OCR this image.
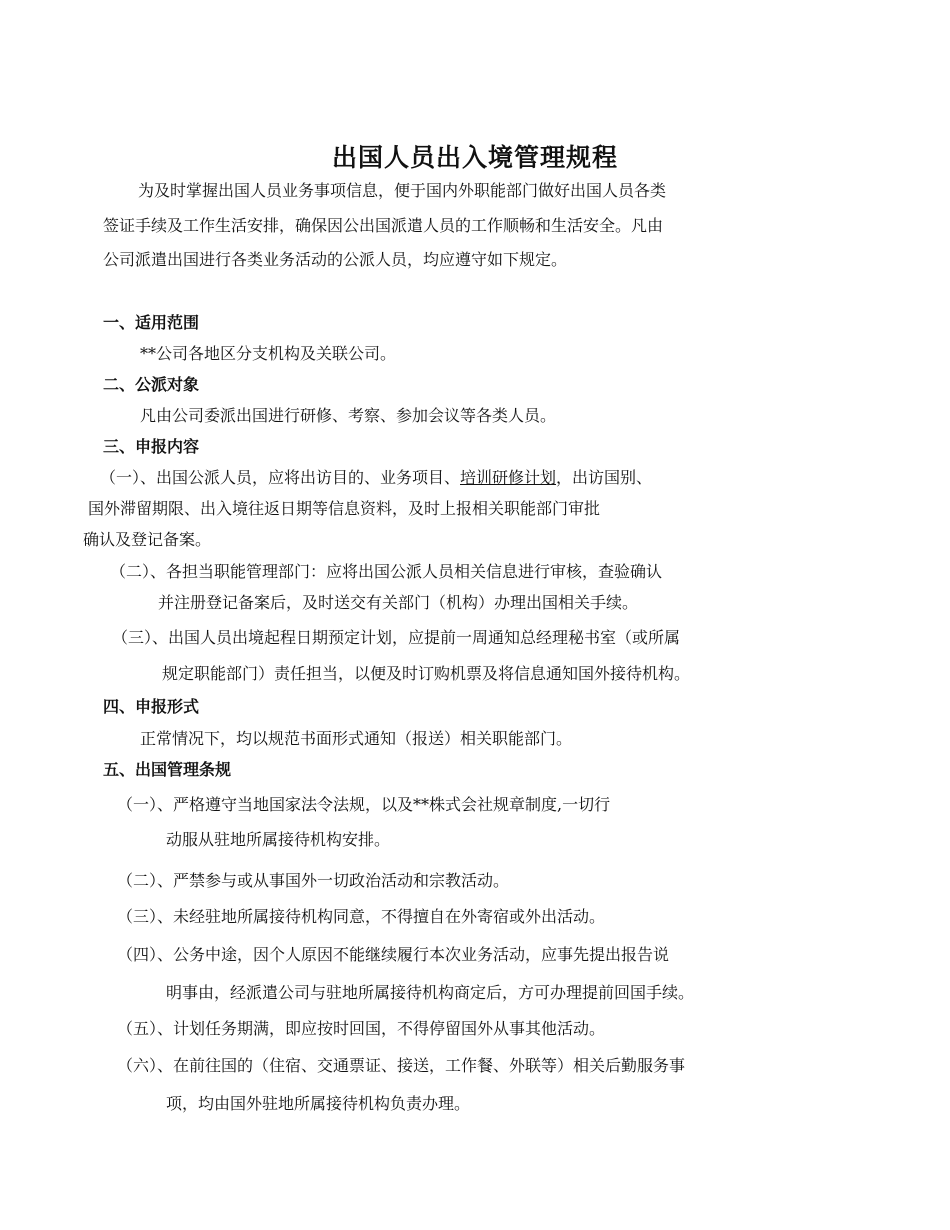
出国人员出入境管理规程
为及时掌握出国人员业务事项信息，便于国内外职能部门做好出国人员各类
签证手续及工作生活安排，确保因公出国派遣人员的工作顺畅和生活安全。凡由
公司派遣出国进行各类业务活动的公派人员，均应遵守如下规定。
一、适用范围
**公司各地区分支机构及关联公司。
二、公派对象
凡由公司委派出国进行研修、考察、参加会议等各类人员。
三、申报内容
（一）、出国公派人员，应将出访目的、业务项目、培训研修计划，出访国别、
国外滞留期限、出入境往返日期等信息资料，及时上报相关职能部门审批
确认及登记备案。
（二）、各担当职能管理部门：应将出国公派人员相关信息进行审核，查验确认
并注册登记备案后，及时送交有关部门（机构）办理出国相关手续。
（三）、出国人员出境起程日期预定计划，应提前一周通知总经理秘书室（或所属
规定职能部门）责任担当，以便及时订购机票及将信息通知国外接待机构。
四、申报形式
正常情况下，均以规范书面形式通知（报送）相关职能部门。
五、出国管理条规
（一）、严格遵守当地国家法令法规，以及**株式会社规章制度,一切行
动服从驻地所属接待机构安排。
（二）、严禁参与或从事国外一切政治活动和宗教活动。
（三）、未经驻地所属接待机构同意，不得擅自在外寄宿或外出活动。
（四）、公务中途，因个人原因不能继续履行本次业务活动，应事先提出报告说
明事由，经派遣公司与驻地所属接待机构商定后，方可办理提前回国手续。
（五）、计划任务期满，即应按时回国，不得停留国外从事其他活动。
（六）、在前往国的（住宿、交通票证、接送，工作餐、外联等）相关后勤服务事
项，均由国外驻地所属接待机构负责办理。
